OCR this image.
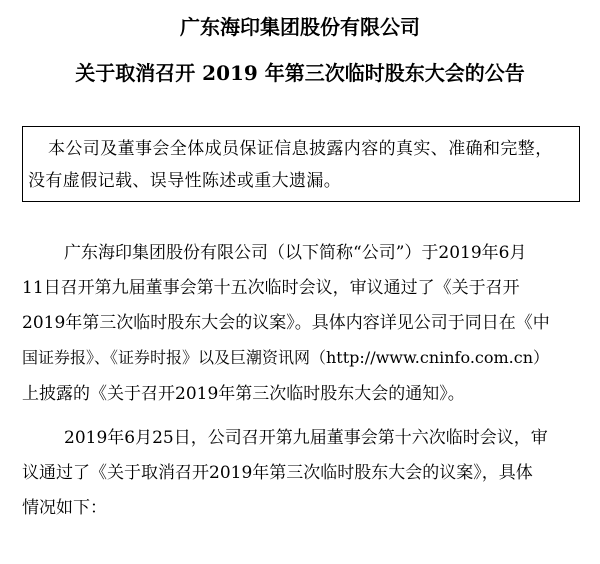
广东海印集团股份有限公司
关于取消召开 2019 年第三次临时股东大会的公告
本公司及董事会全体成员保证信息披露内容的真实、准确和完整，
没有虚假记载、误导性陈述或重大遗漏。
广东海印集团股份有限公司（以下简称“公司”）于2019年6月
11日召开第九届董事会第十五次临时会议，审议通过了《关于召开
2019年第三次临时股东大会的议案》。具体内容详见公司于同日在《中
国证券报》、《证券时报》以及巨潮资讯网（http://www.cninfo.com.cn）
上披露的《关于召开2019年第三次临时股东大会的通知》。
2019年6月25日，公司召开第九届董事会第十六次临时会议，审
议通过了《关于取消召开2019年第三次临时股东大会的议案》，具体
情况如下：
